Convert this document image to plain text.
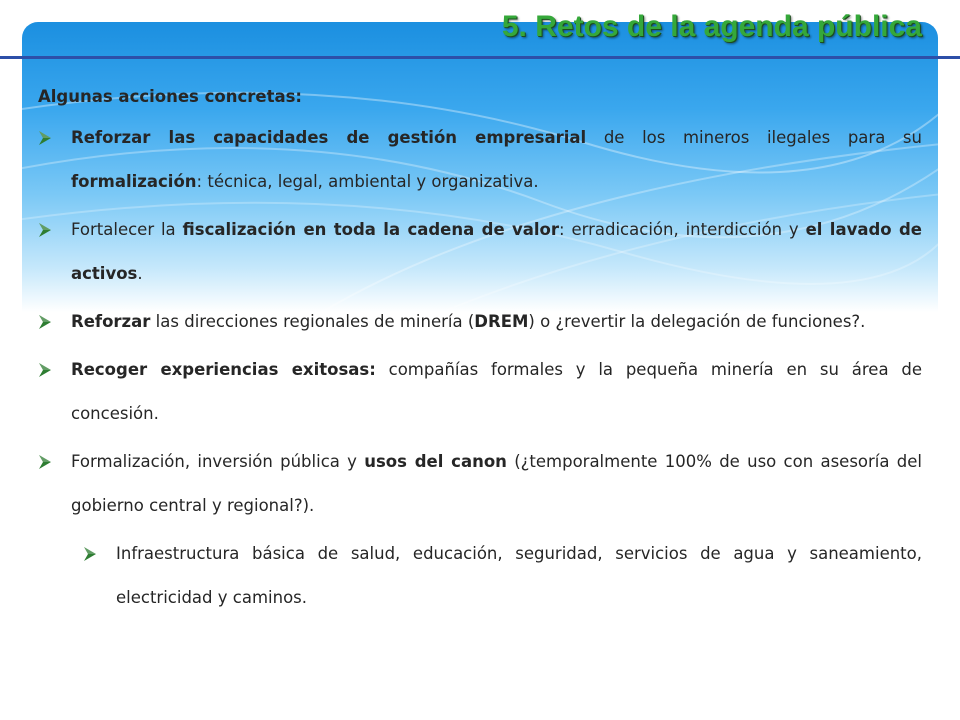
5. Retos de la agenda pública

Algunas acciones concretas:

Reforzar las capacidades de gestión empresarial de los mineros ilegales para su formalización: técnica, legal, ambiental y organizativa.

Fortalecer la fiscalización en toda la cadena de valor: erradicación, interdicción y el lavado de activos.

Reforzar las direcciones regionales de minería (DREM) o ¿revertir la delegación de funciones?.

Recoger experiencias exitosas: compañías formales y la pequeña minería en su área de concesión.

Formalización, inversión pública y usos del canon (¿temporalmente 100% de uso con asesoría del gobierno central y regional?).

Infraestructura básica de salud, educación, seguridad, servicios de agua y saneamiento, electricidad y caminos.
